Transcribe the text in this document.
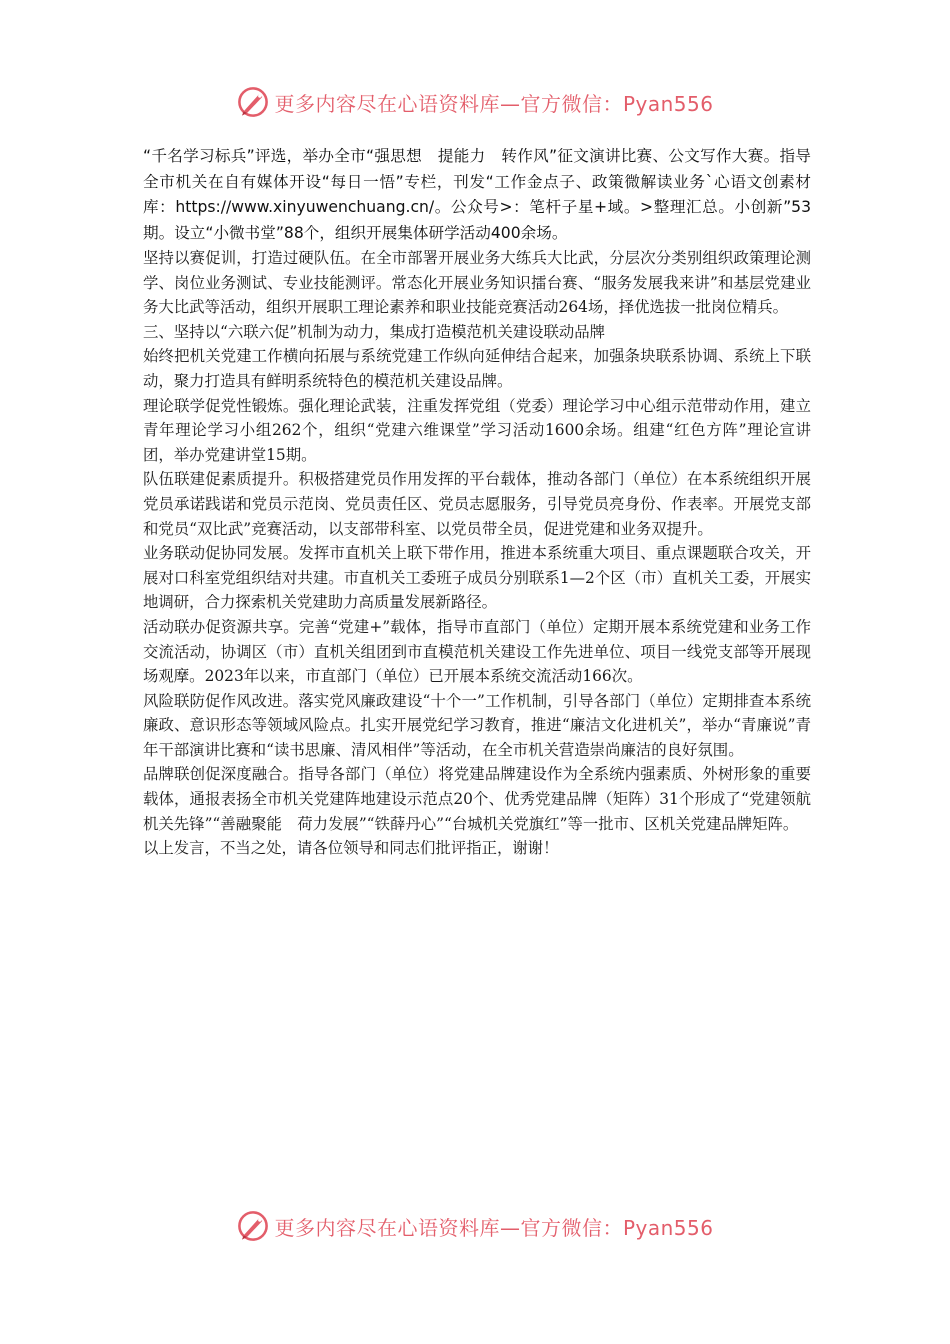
更多内容尽在心语资料库—官方微信：Pyan556

“千名学习标兵”评选，举办全市“强思想　提能力　转作风”征文演讲比赛、公文写作大赛。指导全市机关在自有媒体开设“每日一悟”专栏，刊发“工作金点子、政策微解读业务`心语文创素材库：https://www.xinyuwenchuang.cn/。公众号>：笔杆子星+域。>整理汇总。小创新”53期。设立“小微书堂”88个，组织开展集体研学活动400余场。

坚持以赛促训，打造过硬队伍。在全市部署开展业务大练兵大比武，分层次分类别组织政策理论测学、岗位业务测试、专业技能测评。常态化开展业务知识擂台赛、“服务发展我来讲”和基层党建业务大比武等活动，组织开展职工理论素养和职业技能竞赛活动264场，择优选拔一批岗位精兵。

三、坚持以“六联六促”机制为动力，集成打造模范机关建设联动品牌

始终把机关党建工作横向拓展与系统党建工作纵向延伸结合起来，加强条块联系协调、系统上下联动，聚力打造具有鲜明系统特色的模范机关建设品牌。

理论联学促党性锻炼。强化理论武装，注重发挥党组（党委）理论学习中心组示范带动作用，建立青年理论学习小组262个，组织“党建六维课堂”学习活动1600余场。组建“红色方阵”理论宣讲团，举办党建讲堂15期。

队伍联建促素质提升。积极搭建党员作用发挥的平台载体，推动各部门（单位）在本系统组织开展党员承诺践诺和党员示范岗、党员责任区、党员志愿服务，引导党员亮身份、作表率。开展党支部和党员“双比武”竞赛活动，以支部带科室、以党员带全员，促进党建和业务双提升。

业务联动促协同发展。发挥市直机关上联下带作用，推进本系统重大项目、重点课题联合攻关，开展对口科室党组织结对共建。市直机关工委班子成员分别联系1—2个区（市）直机关工委，开展实地调研，合力探索机关党建助力高质量发展新路径。

活动联办促资源共享。完善“党建+”载体，指导市直部门（单位）定期开展本系统党建和业务工作交流活动，协调区（市）直机关组团到市直模范机关建设工作先进单位、项目一线党支部等开展现场观摩。2023年以来，市直部门（单位）已开展本系统交流活动166次。

风险联防促作风改进。落实党风廉政建设“十个一”工作机制，引导各部门（单位）定期排查本系统廉政、意识形态等领域风险点。扎实开展党纪学习教育，推进“廉洁文化进机关”，举办“青廉说”青年干部演讲比赛和“读书思廉、清风相伴”等活动，在全市机关营造崇尚廉洁的良好氛围。

品牌联创促深度融合。指导各部门（单位）将党建品牌建设作为全系统内强素质、外树形象的重要载体，通报表扬全市机关党建阵地建设示范点20个、优秀党建品牌（矩阵）31个形成了“党建领航　机关先锋”“善融聚能　荷力发展”“铁薛丹心”“台城机关党旗红”等一批市、区机关党建品牌矩阵。

以上发言，不当之处，请各位领导和同志们批评指正，谢谢！

更多内容尽在心语资料库—官方微信：Pyan556
